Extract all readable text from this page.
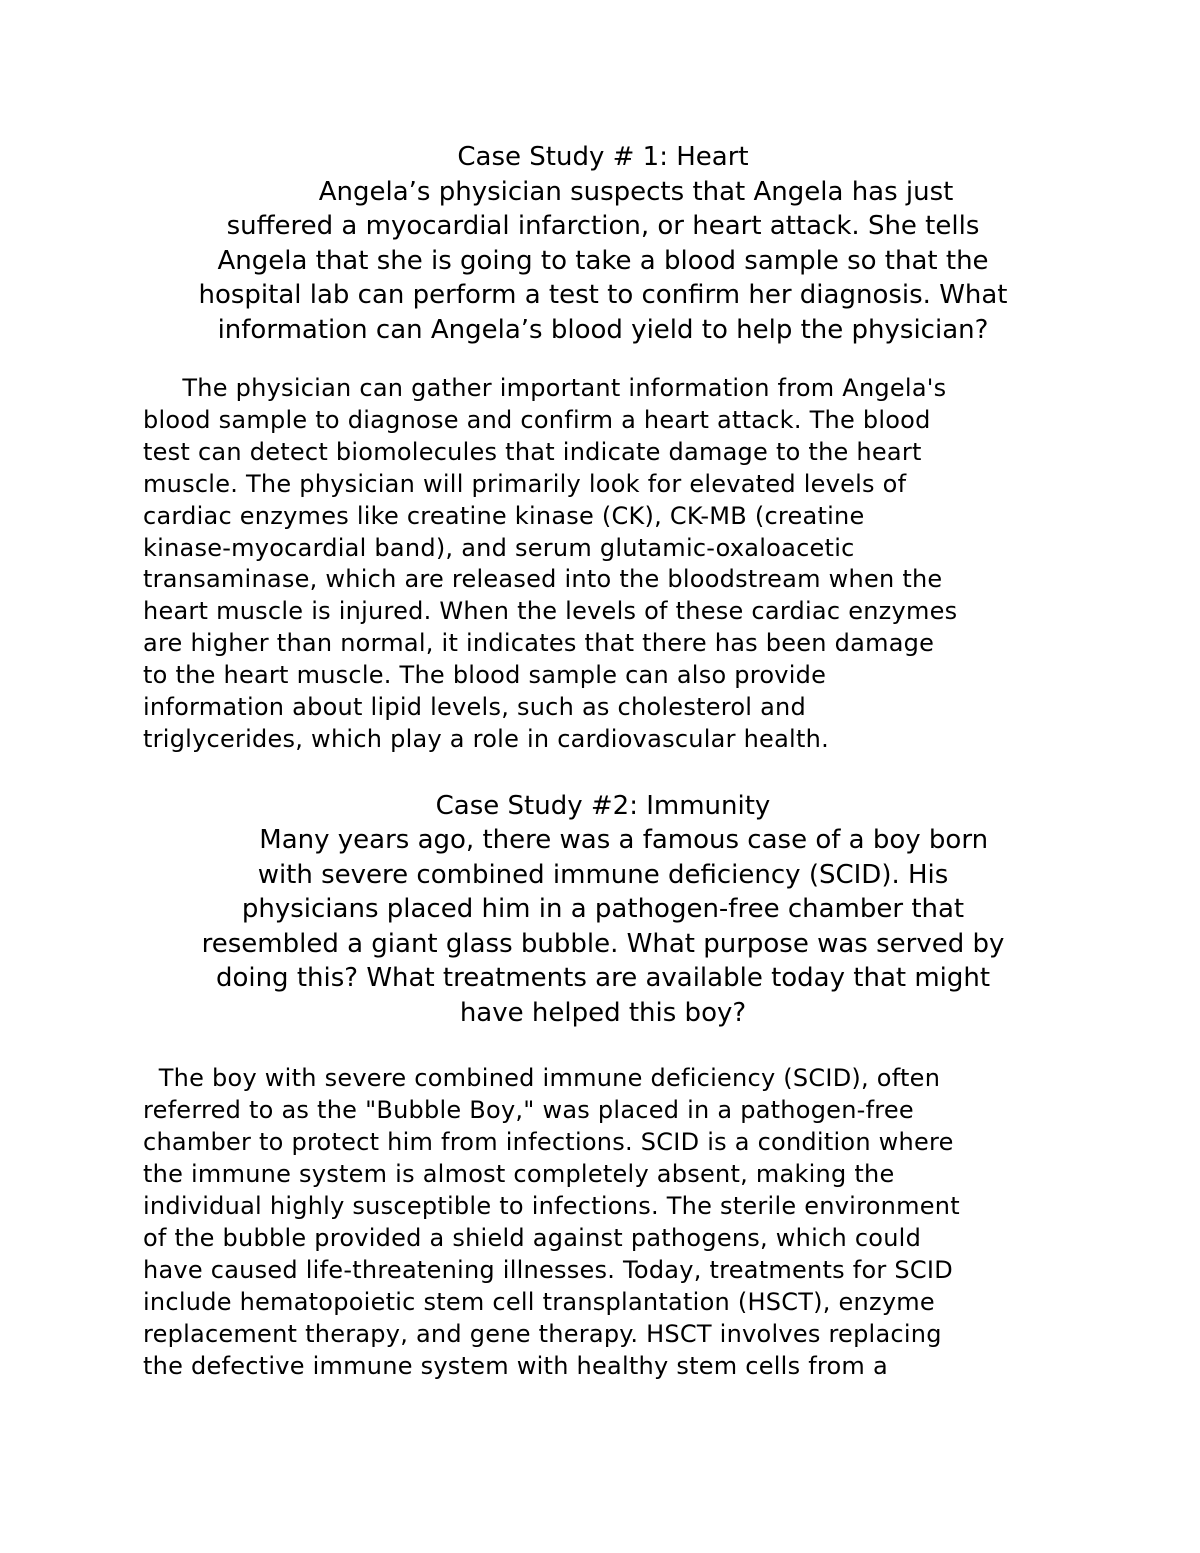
Case Study # 1: Heart

Angela’s physician suspects that Angela has just

suffered a myocardial infarction, or heart attack. She tells

Angela that she is going to take a blood sample so that the

hospital lab can perform a test to confirm her diagnosis. What

information can Angela’s blood yield to help the physician?

The physician can gather important information from Angela's

blood sample to diagnose and confirm a heart attack. The blood

test can detect biomolecules that indicate damage to the heart

muscle. The physician will primarily look for elevated levels of

cardiac enzymes like creatine kinase (CK), CK-MB (creatine

kinase-myocardial band), and serum glutamic-oxaloacetic

transaminase, which are released into the bloodstream when the

heart muscle is injured. When the levels of these cardiac enzymes

are higher than normal, it indicates that there has been damage

to the heart muscle. The blood sample can also provide

information about lipid levels, such as cholesterol and

triglycerides, which play a role in cardiovascular health.

Case Study #2: Immunity

Many years ago, there was a famous case of a boy born

with severe combined immune deficiency (SCID). His

physicians placed him in a pathogen-free chamber that

resembled a giant glass bubble. What purpose was served by

doing this? What treatments are available today that might

have helped this boy?

The boy with severe combined immune deficiency (SCID), often

referred to as the "Bubble Boy," was placed in a pathogen-free

chamber to protect him from infections. SCID is a condition where

the immune system is almost completely absent, making the

individual highly susceptible to infections. The sterile environment

of the bubble provided a shield against pathogens, which could

have caused life-threatening illnesses. Today, treatments for SCID

include hematopoietic stem cell transplantation (HSCT), enzyme

replacement therapy, and gene therapy. HSCT involves replacing

the defective immune system with healthy stem cells from a
